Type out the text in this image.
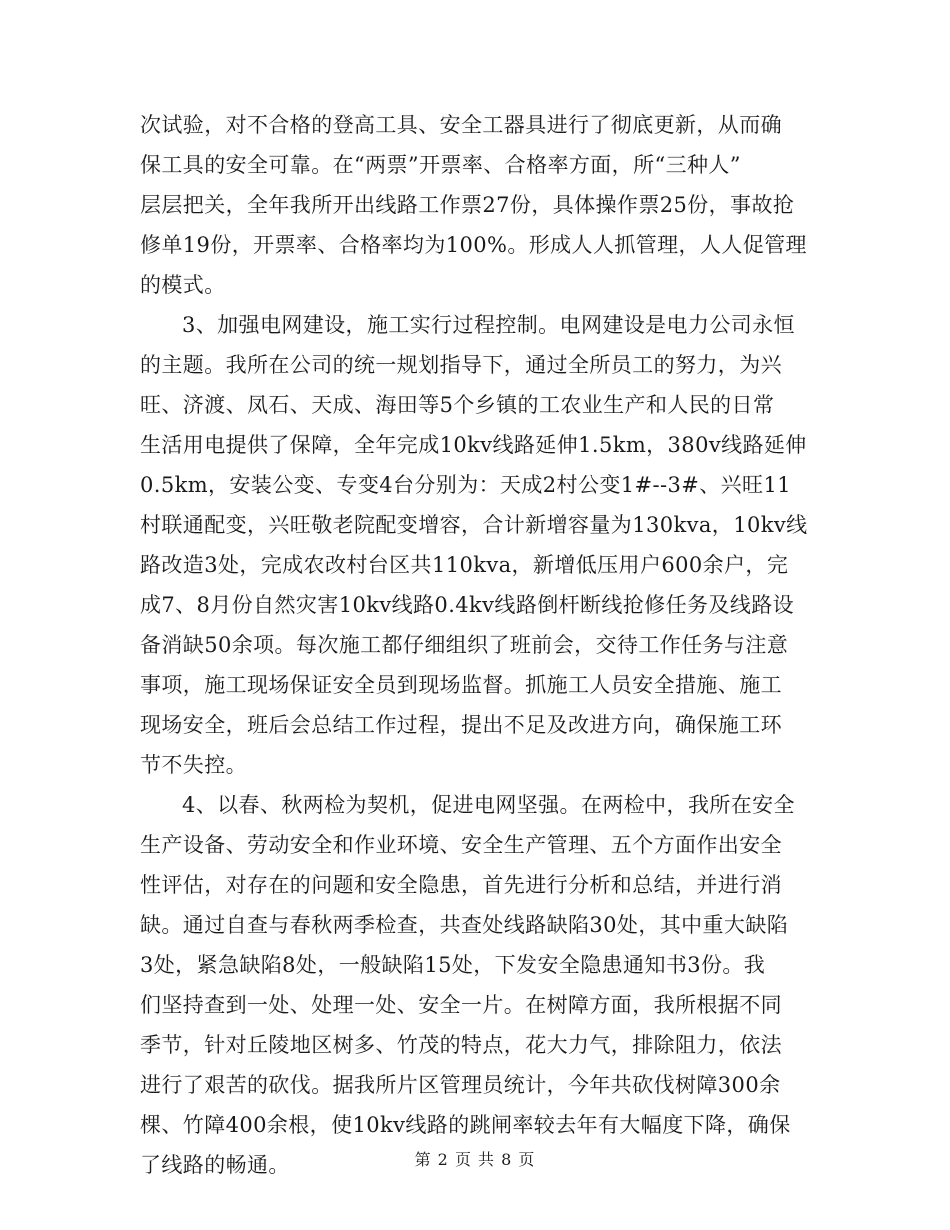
次试验，对不合格的登高工具、安全工器具进行了彻底更新，从而确
保工具的安全可靠。在“两票”开票率、合格率方面，所“三种人”
层层把关，全年我所开出线路工作票27份，具体操作票25份，事故抢
修单19份，开票率、合格率均为100%。形成人人抓管理，人人促管理
的模式。
3、加强电网建设，施工实行过程控制。电网建设是电力公司永恒
的主题。我所在公司的统一规划指导下，通过全所员工的努力，为兴
旺、济渡、凤石、天成、海田等5个乡镇的工农业生产和人民的日常
生活用电提供了保障，全年完成10kv线路延伸1.5km，380v线路延伸
0.5km，安装公变、专变4台分别为：天成2村公变1#--3#、兴旺11
村联通配变，兴旺敬老院配变增容，合计新增容量为130kva，10kv线
路改造3处，完成农改村台区共110kva，新增低压用户600余户，完
成7、8月份自然灾害10kv线路0.4kv线路倒杆断线抢修任务及线路设
备消缺50余项。每次施工都仔细组织了班前会，交待工作任务与注意
事项，施工现场保证安全员到现场监督。抓施工人员安全措施、施工
现场安全，班后会总结工作过程，提出不足及改进方向，确保施工环
节不失控。
4、以春、秋两检为契机，促进电网坚强。在两检中，我所在安全
生产设备、劳动安全和作业环境、安全生产管理、五个方面作出安全
性评估，对存在的问题和安全隐患，首先进行分析和总结，并进行消
缺。通过自查与春秋两季检查，共查处线路缺陷30处，其中重大缺陷
3处，紧急缺陷8处，一般缺陷15处，下发安全隐患通知书3份。我
们坚持查到一处、处理一处、安全一片。在树障方面，我所根据不同
季节，针对丘陵地区树多、竹茂的特点，花大力气，排除阻力，依法
进行了艰苦的砍伐。据我所片区管理员统计，今年共砍伐树障300余
棵、竹障400余根，使10kv线路的跳闸率较去年有大幅度下降，确保
了线路的畅通。	第 2 页 共 8 页
